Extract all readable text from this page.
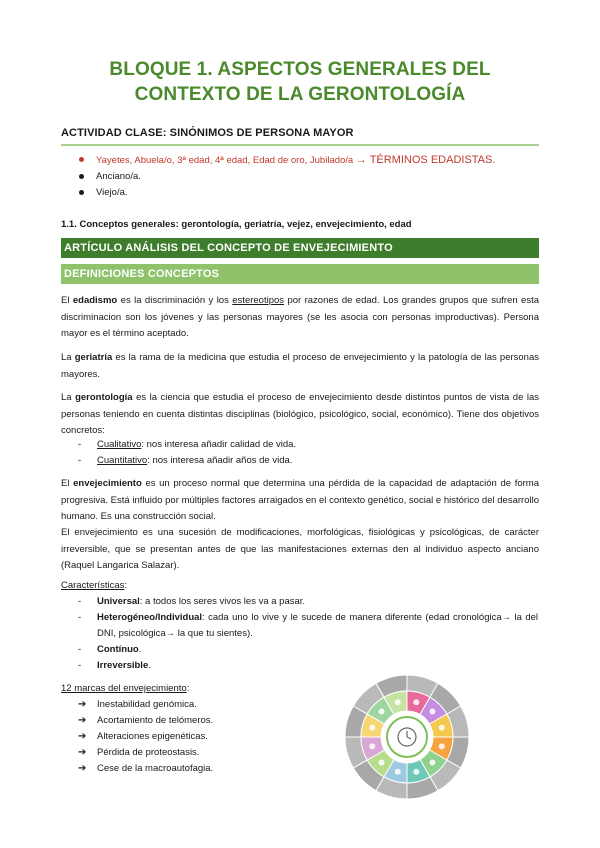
BLOQUE 1. ASPECTOS GENERALES DEL
CONTEXTO DE LA GERONTOLOGÍA
ACTIVIDAD CLASE: SINÓNIMOS DE PERSONA MAYOR
Yayetes, Abuela/o, 3ª edad, 4ª edad, Edad de oro, Jubilado/a → TÉRMINOS EDADISTAS.
Anciano/a.
Viejo/a.
1.1. Conceptos generales: gerontología, geriatría, vejez, envejecimiento, edad
ARTÍCULO ANÁLISIS DEL CONCEPTO DE ENVEJECIMIENTO
DEFINICIONES CONCEPTOS
El edadismo es la discriminación y los estereotipos por razones de edad. Los grandes grupos que sufren esta discriminacion son los jóvenes y las personas mayores (se les asocia con personas improductivas). Persona mayor es el término aceptado.
La geriatría es la rama de la medicina que estudia el proceso de envejecimiento y la patología de las personas mayores.
La gerontología es la ciencia que estudia el proceso de envejecimiento desde distintos puntos de vista de las personas teniendo en cuenta distintas disciplinas (biológico, psicológico, social, económico). Tiene dos objetivos concretos:
- Cualitativo: nos interesa añadir calidad de vida.
- Cuantitativo: nos interesa añadir años de vida.
El envejecimiento es un proceso normal que determina una pérdida de la capacidad de adaptación de forma progresiva. Está influido por múltiples factores arraigados en el contexto genético, social e histórico del desarrollo humano. Es una construcción social.
El envejecimiento es una sucesión de modificaciones, morfológicas, fisiológicas y psicológicas, de carácter irreversible, que se presentan antes de que las manifestaciones externas den al individuo aspecto anciano (Raquel Langarica Salazar).
Características:
- Universal: a todos los seres vivos les va a pasar.
- Heterogéneo/Individual: cada uno lo vive y le sucede de manera diferente (edad cronológica→ la del DNI, psicológica→ la que tu sientes).
- Contínuo.
- Irreversible.
12 marcas del envejecimiento:
➔ Inestabilidad genómica.
➔ Acortamiento de telómeros.
➔ Alteraciones epigenéticas.
➔ Pérdida de proteostasis.
➔ Cese de la macroautofagia.
